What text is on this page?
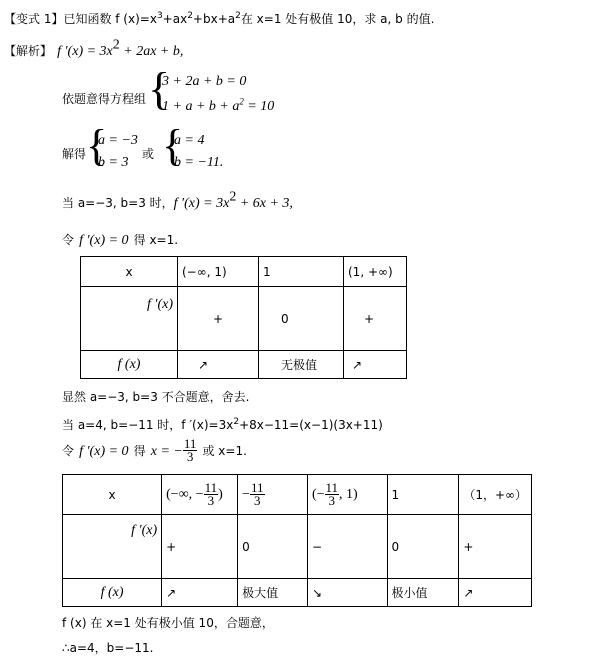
【变式 1】已知函数 f $(x)=x^3+ax^2+bx+a^2$在 x=1 处有极值 10，求 a, b 的值.
【解析】 f $'(x) = 3x^2 + 2ax + b$,
依题意得方程组 {
3 + 2a + b = 0
$1 + a + b + a^2 = 10$
解得 {
a = −3
b = 3
或 {
a = 4
b = −11.
当 a=−3, b=3 时，f $'(x) = 3x^2 + 6x + 3$,
令 f ′(x) = 0 得 x=1.
x	(−∞, 1)	1	(1, +∞)
f ′(x)	+	0	+
f (x)	↗	无极值	↗
显然 a=−3, b=3 不合题意，舍去.
当 a=4, b=−11 时，f $'(x)=3x^2+8x-11=(x-1)(3x+11)$
令 f ′(x) = 0 得 x = − $\frac{11}{3}$ 或 x=1.
x	(−∞, − $\frac{11}{3}$ )	− $\frac{11}{3}$	(− $\frac{11}{3}$ , 1)	1	（1，+∞）
f ′(x)	+	0	−	0	+
f (x)	↗	极大值	↘	极小值	↗
f (x) 在 x=1 处有极小值 10，合题意，
∴a=4，b=−11.
